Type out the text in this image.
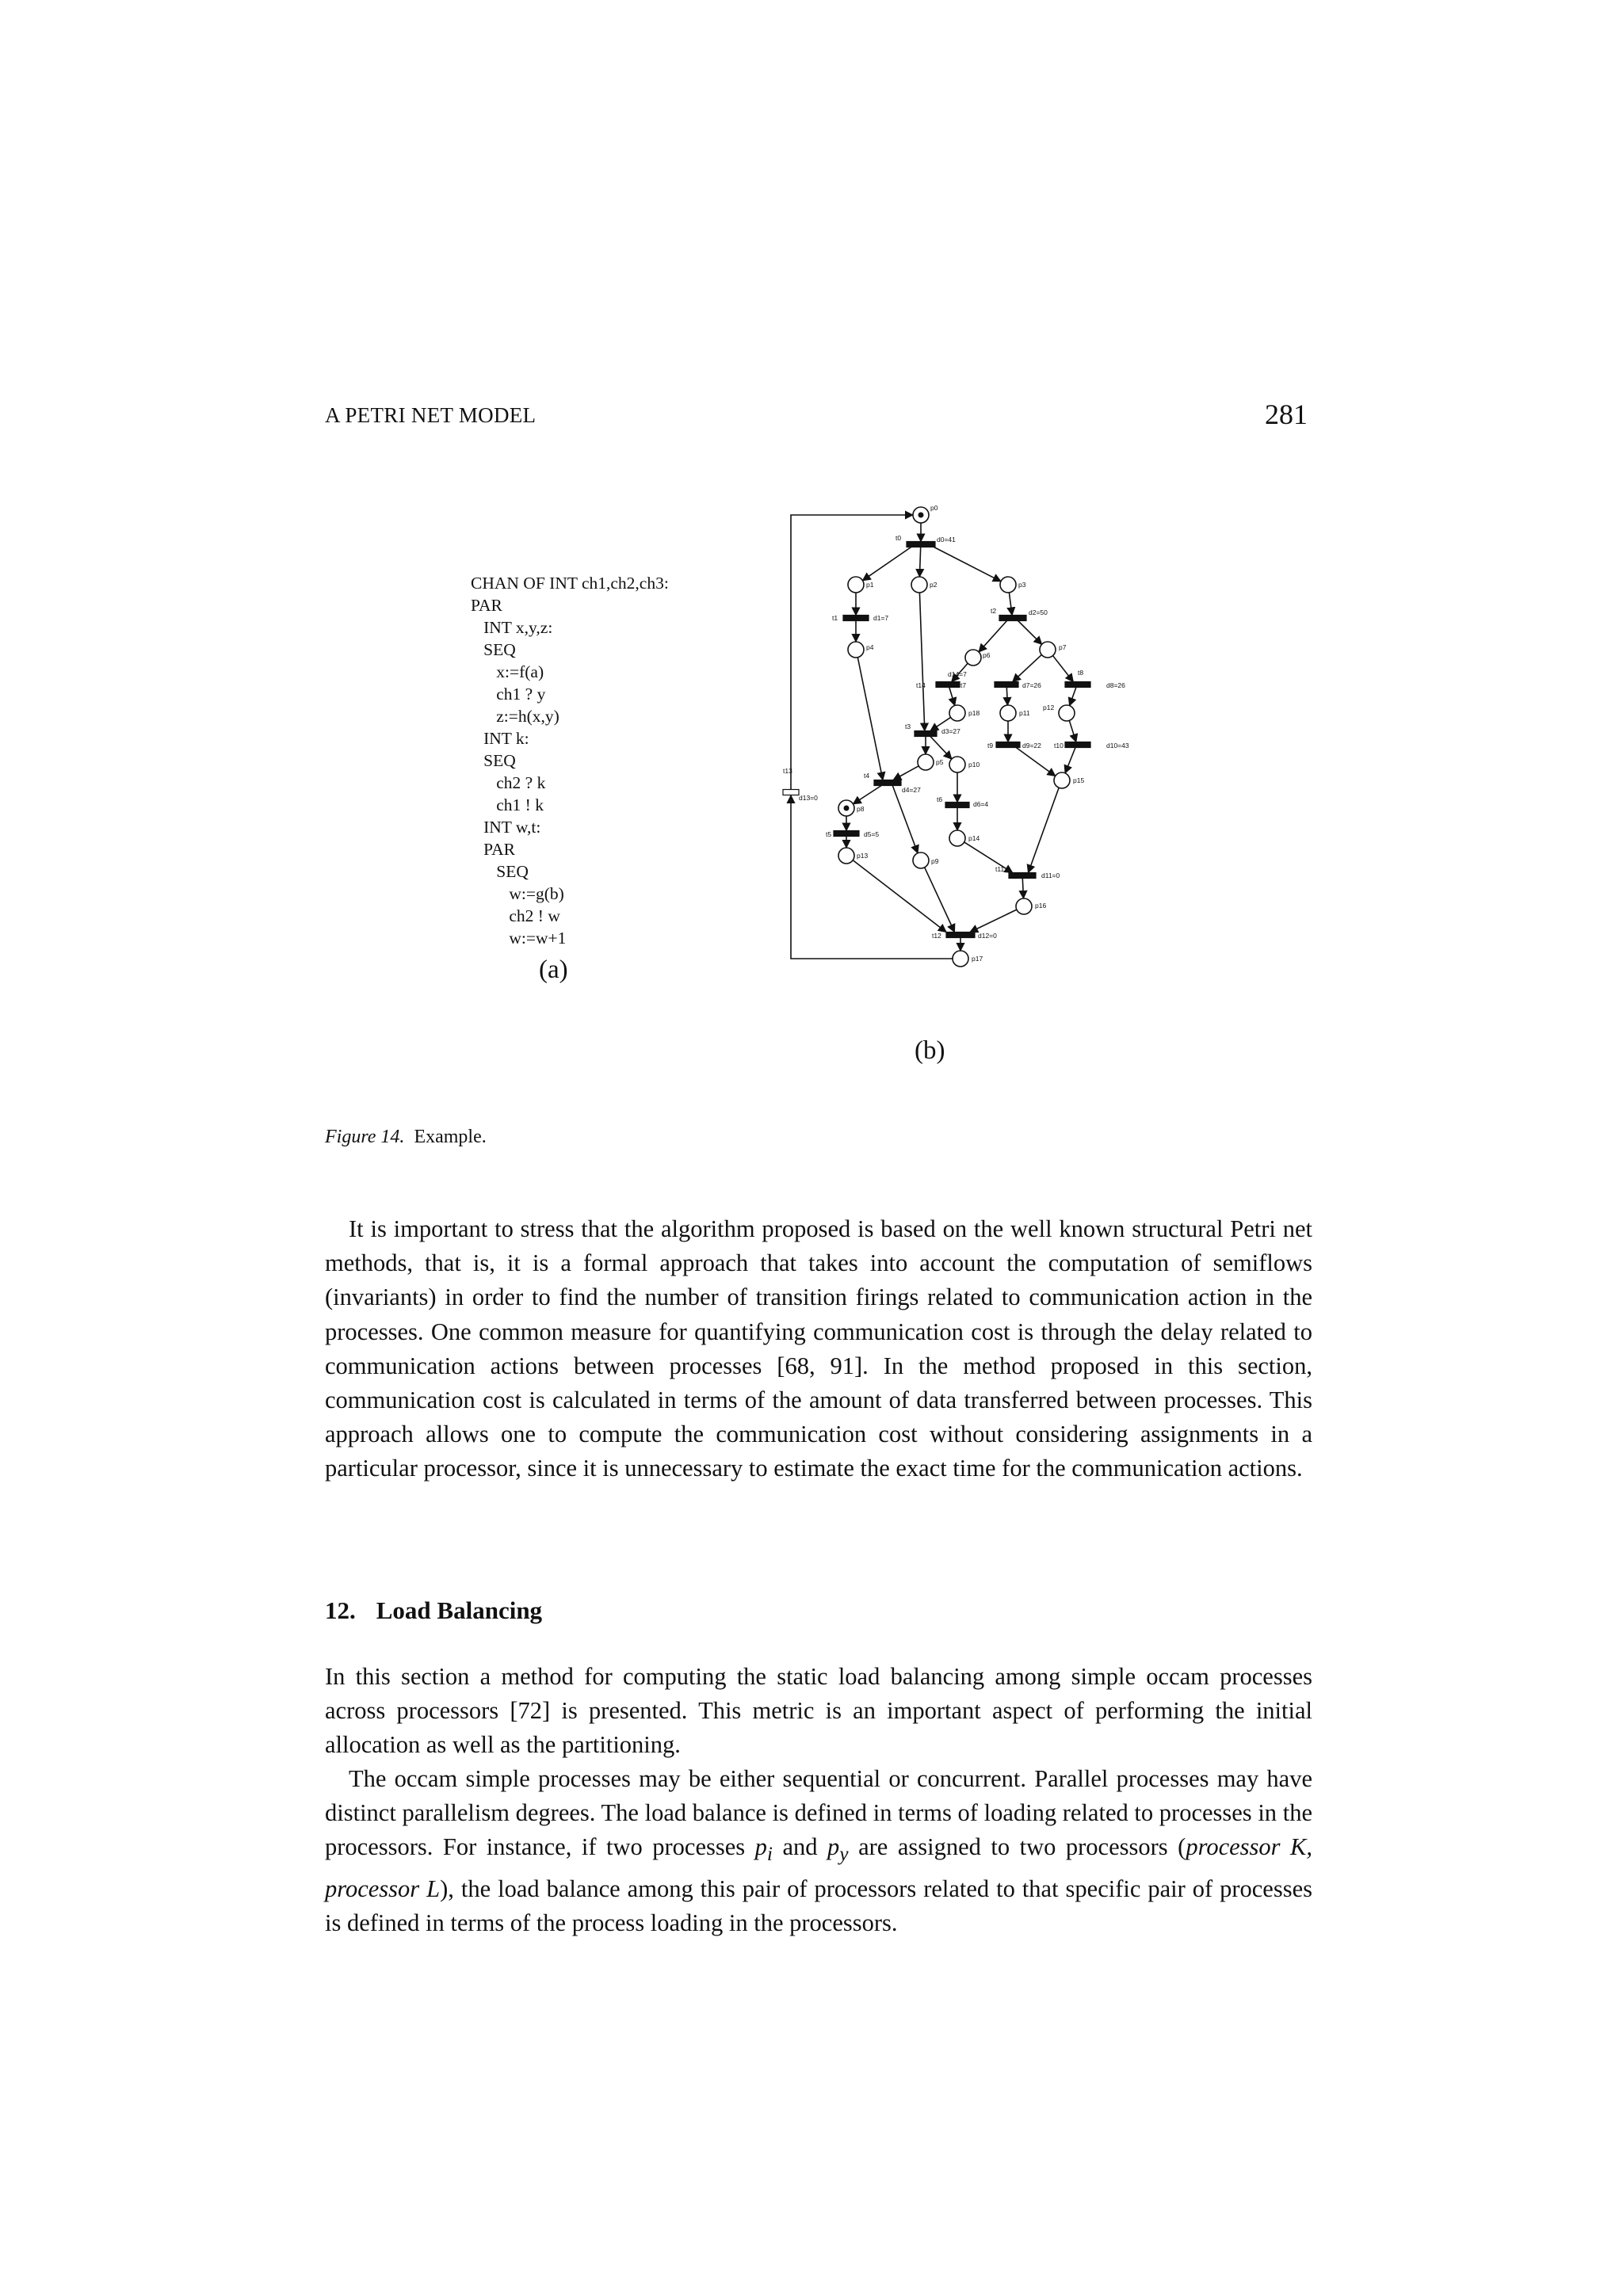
A PETRI NET MODEL	281
CHAN OF INT ch1,ch2,ch3:
PAR
INT x,y,z:
SEQ
x:=f(a)
ch1 ? y
z:=h(x,y)
INT k:
SEQ
ch2 ? k
ch1 ! k
INT w,t:
PAR
SEQ
w:=g(b)
ch2 ! w
w:=w+1
(a)
p0
t0	d0=41
p1	p2	p3
t1	d1=7
p4
t2	d2=50
p6
p7
t14
d14=7
t7	d7=26
t8
d8=26
p18	p11
p12
t13
d13=0
t3
d3=27
t9	d9=22 t10	d10=43
p5	p10
p15
t4
d4=27
t6
d6=4
p8
t5	d5=5	p14
p13
p9
t11
d11=0
p16
t12	d12=0
p17
(b)
Figure 14. Example.

It is important to stress that the algorithm proposed is based on the well known structural Petri net methods, that is, it is a formal approach that takes into account the computation of semiflows (invariants) in order to find the number of transition firings related to communication action in the processes. One common measure for quantifying communication cost is through the delay related to communication actions between processes [68, 91]. In the method proposed in this section, communication cost is calculated in terms of the amount of data transferred between processes. This approach allows one to compute the communication cost without considering assignments in a particular processor, since it is unnecessary to estimate the exact time for the communication actions.

12. Load Balancing

In this section a method for computing the static load balancing among simple occam processes across processors [72] is presented. This metric is an important aspect of performing the initial allocation as well as the partitioning.

The occam simple processes may be either sequential or concurrent. Parallel processes may have distinct parallelism degrees. The load balance is defined in terms of loading related to processes in the processors. For instance, if two processes $p_i$ and $p_y$ are assigned to two processors (processor K, processor L), the load balance among this pair of processors related to that specific pair of processes is defined in terms of the process loading in the processors.
